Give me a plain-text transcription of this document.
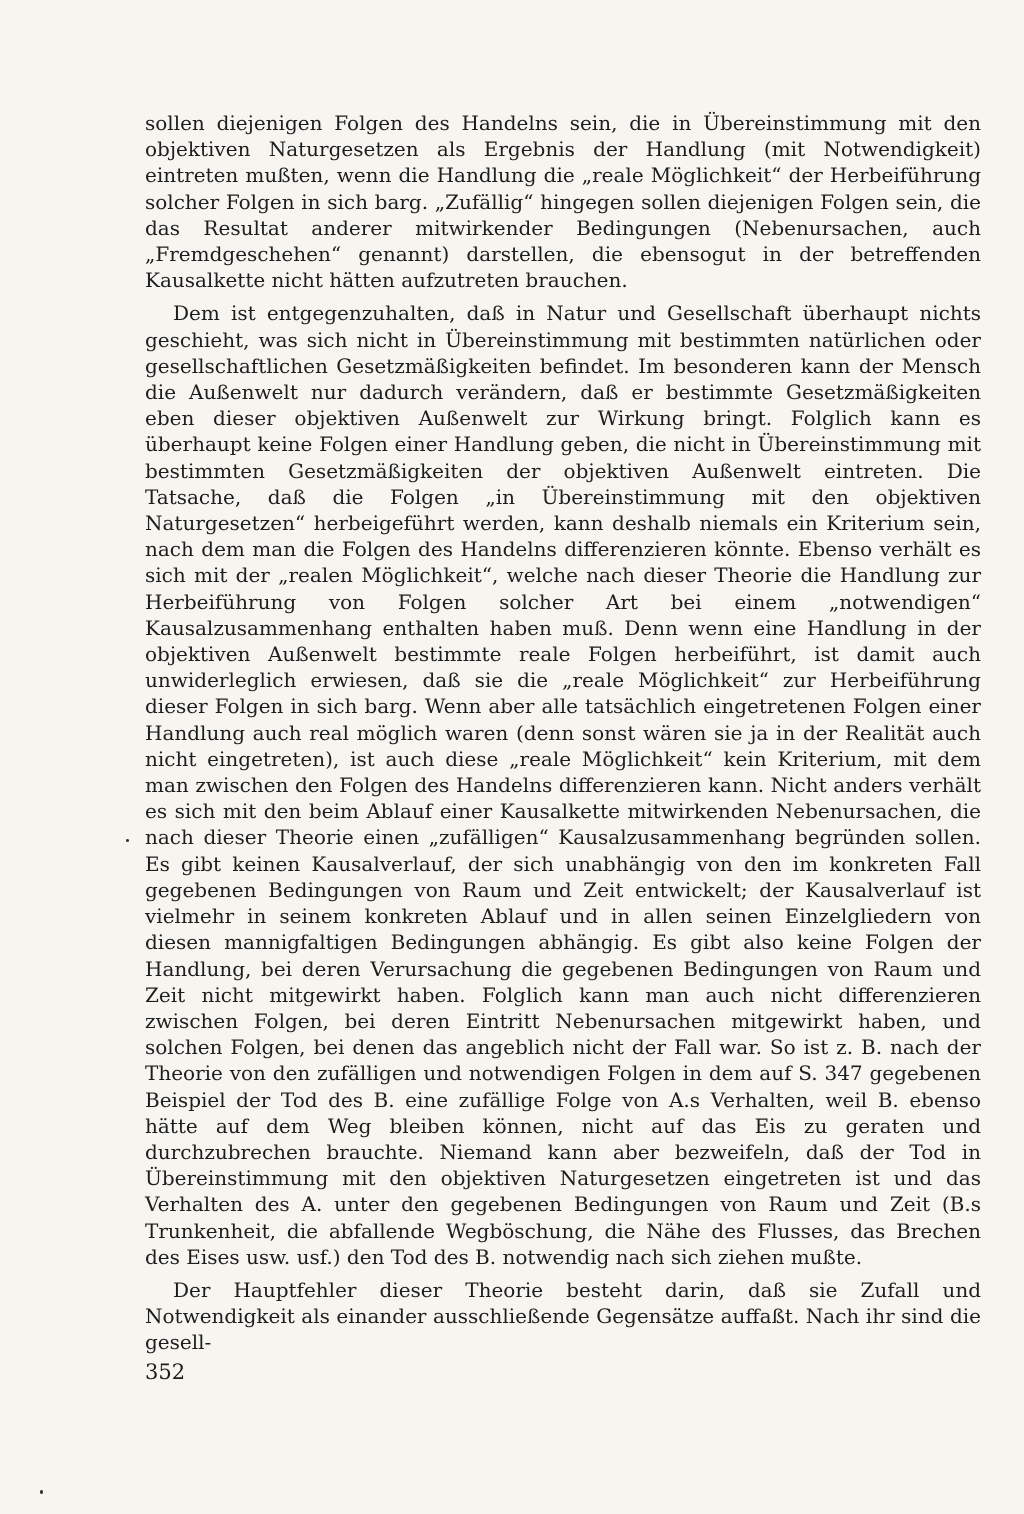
sollen diejenigen Folgen des Handelns sein, die in Übereinstimmung mit den objektiven Naturgesetzen als Ergebnis der Handlung (mit Notwendigkeit) eintreten mußten, wenn die Handlung die „reale Möglichkeit“ der Herbeiführung solcher Folgen in sich barg. „Zufällig“ hingegen sollen diejenigen Folgen sein, die das Resultat anderer mitwirkender Bedingungen (Nebenursachen, auch „Fremdgeschehen“ genannt) darstellen, die ebensogut in der betreffenden Kausalkette nicht hätten aufzutreten brauchen.

Dem ist entgegenzuhalten, daß in Natur und Gesellschaft überhaupt nichts geschieht, was sich nicht in Übereinstimmung mit bestimmten natürlichen oder gesellschaftlichen Gesetzmäßigkeiten befindet. Im besonderen kann der Mensch die Außenwelt nur dadurch verändern, daß er bestimmte Gesetzmäßigkeiten eben dieser objektiven Außenwelt zur Wirkung bringt. Folglich kann es überhaupt keine Folgen einer Handlung geben, die nicht in Übereinstimmung mit bestimmten Gesetzmäßigkeiten der objektiven Außenwelt eintreten. Die Tatsache, daß die Folgen „in Übereinstimmung mit den objektiven Naturgesetzen“ herbeigeführt werden, kann deshalb niemals ein Kriterium sein, nach dem man die Folgen des Handelns differenzieren könnte. Ebenso verhält es sich mit der „realen Möglichkeit“, welche nach dieser Theorie die Handlung zur Herbeiführung von Folgen solcher Art bei einem „notwendigen“ Kausalzusammenhang enthalten haben muß. Denn wenn eine Handlung in der objektiven Außenwelt bestimmte reale Folgen herbeiführt, ist damit auch unwiderleglich erwiesen, daß sie die „reale Möglichkeit“ zur Herbeiführung dieser Folgen in sich barg. Wenn aber alle tatsächlich eingetretenen Folgen einer Handlung auch real möglich waren (denn sonst wären sie ja in der Realität auch nicht eingetreten), ist auch diese „reale Möglichkeit“ kein Kriterium, mit dem man zwischen den Folgen des Handelns differenzieren kann. Nicht anders verhält es sich mit den beim Ablauf einer Kausalkette mitwirkenden Nebenursachen, die nach dieser Theorie einen „zufälligen“ Kausalzusammenhang begründen sollen. Es gibt keinen Kausalverlauf, der sich unabhängig von den im konkreten Fall gegebenen Bedingungen von Raum und Zeit entwickelt; der Kausalverlauf ist vielmehr in seinem konkreten Ablauf und in allen seinen Einzelgliedern von diesen mannigfaltigen Bedingungen abhängig. Es gibt also keine Folgen der Handlung, bei deren Verursachung die gegebenen Bedingungen von Raum und Zeit nicht mitgewirkt haben. Folglich kann man auch nicht differenzieren zwischen Folgen, bei deren Eintritt Nebenursachen mitgewirkt haben, und solchen Folgen, bei denen das angeblich nicht der Fall war. So ist z. B. nach der Theorie von den zufälligen und notwendigen Folgen in dem auf S. 347 gegebenen Beispiel der Tod des B. eine zufällige Folge von A.s Verhalten, weil B. ebenso hätte auf dem Weg bleiben können, nicht auf das Eis zu geraten und durchzubrechen brauchte. Niemand kann aber bezweifeln, daß der Tod in Übereinstimmung mit den objektiven Naturgesetzen eingetreten ist und das Verhalten des A. unter den gegebenen Bedingungen von Raum und Zeit (B.s Trunkenheit, die abfallende Wegböschung, die Nähe des Flusses, das Brechen des Eises usw. usf.) den Tod des B. notwendig nach sich ziehen mußte.

Der Hauptfehler dieser Theorie besteht darin, daß sie Zufall und Notwendigkeit als einander ausschließende Gegensätze auffaßt. Nach ihr sind die gesell-

352
